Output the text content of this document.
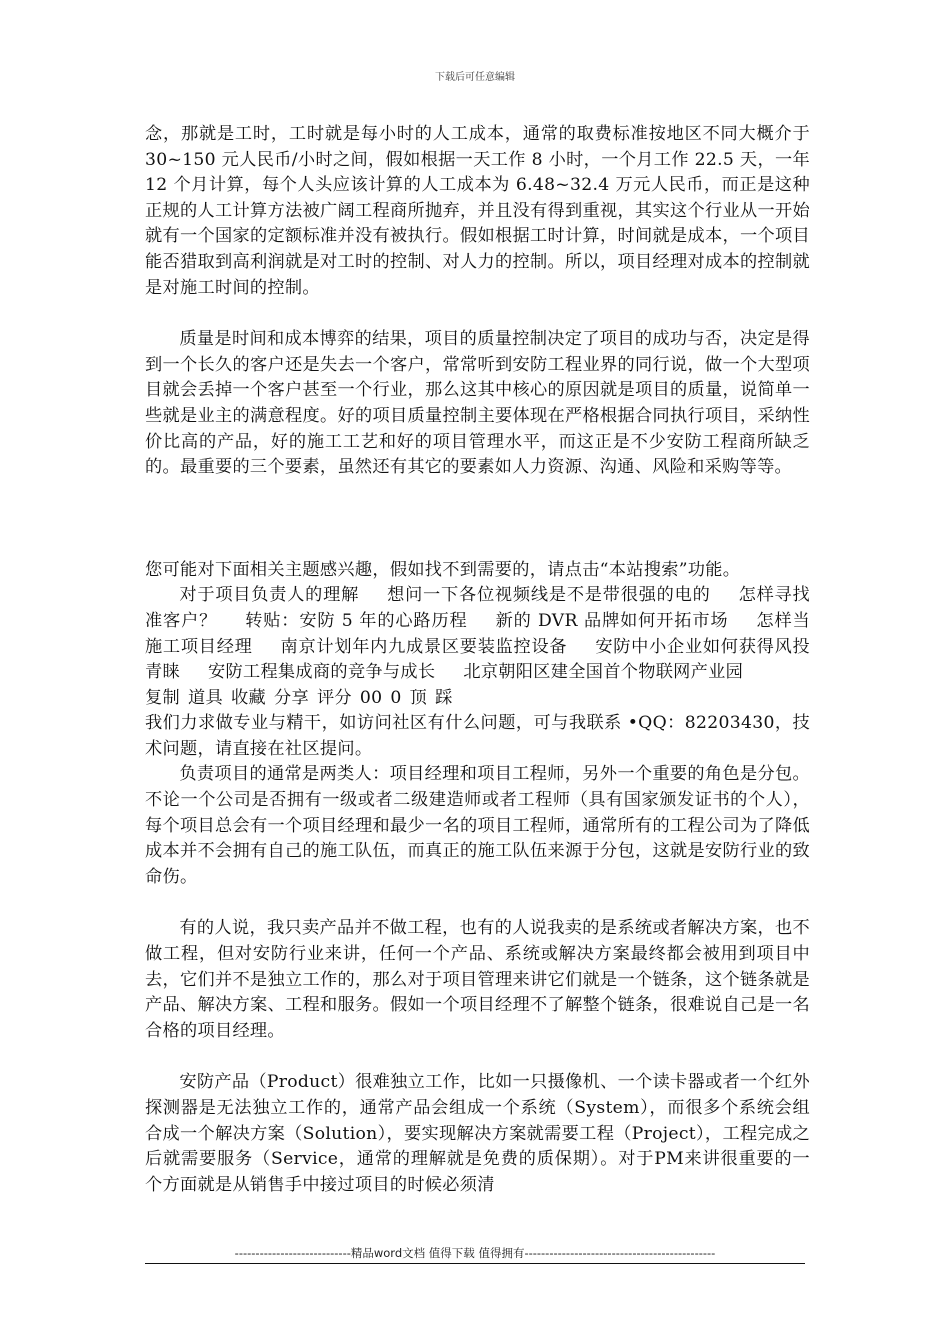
下载后可任意编辑

念，那就是工时，工时就是每小时的人工成本，通常的取费标准按地区不同大概介于 30~150 元人民币/小时之间，假如根据一天工作 8 小时，一个月工作 22.5 天，一年 12 个月计算，每个人头应该计算的人工成本为 6.48~32.4 万元人民币，而正是这种正规的人工计算方法被广阔工程商所抛弃，并且没有得到重视，其实这个行业从一开始就有一个国家的定额标准并没有被执行。假如根据工时计算，时间就是成本，一个项目能否猎取到高利润就是对工时的控制、对人力的控制。所以，项目经理对成本的控制就是对施工时间的控制。

质量是时间和成本博弈的结果，项目的质量控制决定了项目的成功与否，决定是得到一个长久的客户还是失去一个客户，常常听到安防工程业界的同行说，做一个大型项目就会丢掉一个客户甚至一个行业，那么这其中核心的原因就是项目的质量，说简单一些就是业主的满意程度。好的项目质量控制主要体现在严格根据合同执行项目，采纳性价比高的产品，好的施工工艺和好的项目管理水平，而这正是不少安防工程商所缺乏的。最重要的三个要素，虽然还有其它的要素如人力资源、沟通、风险和采购等等。

您可能对下面相关主题感兴趣，假如找不到需要的，请点击“本站搜索”功能。

对于项目负责人的理解 想问一下各位视频线是不是带很强的电的 怎样寻找准客户？ 转贴：安防 5 年的心路历程 新的 DVR 品牌如何开拓市场 怎样当施工项目经理 南京计划年内九成景区要装监控设备 安防中小企业如何获得风投青睐 安防工程集成商的竞争与成长 北京朝阳区建全国首个物联网产业园

复制 道具 收藏 分享 评分 00 0 顶 踩

我们力求做专业与精干，如访问社区有什么问题，可与我联系 •QQ：82203430，技术问题，请直接在社区提问。

负责项目的通常是两类人：项目经理和项目工程师，另外一个重要的角色是分包。不论一个公司是否拥有一级或者二级建造师或者工程师（具有国家颁发证书的个人），每个项目总会有一个项目经理和最少一名的项目工程师，通常所有的工程公司为了降低成本并不会拥有自己的施工队伍，而真正的施工队伍来源于分包，这就是安防行业的致命伤。

有的人说，我只卖产品并不做工程，也有的人说我卖的是系统或者解决方案，也不做工程，但对安防行业来讲，任何一个产品、系统或解决方案最终都会被用到项目中去，它们并不是独立工作的，那么对于项目管理来讲它们就是一个链条，这个链条就是产品、解决方案、工程和服务。假如一个项目经理不了解整个链条，很难说自己是一名合格的项目经理。

安防产品（Product）很难独立工作，比如一只摄像机、一个读卡器或者一个红外探测器是无法独立工作的，通常产品会组成一个系统（System），而很多个系统会组合成一个解决方案（Solution），要实现解决方案就需要工程（Project），工程完成之后就需要服务（Service，通常的理解就是免费的质保期）。对于PM来讲很重要的一个方面就是从销售手中接过项目的时候必须清

----------------------------精品word文档 值得下载 值得拥有----------------------------------------------
